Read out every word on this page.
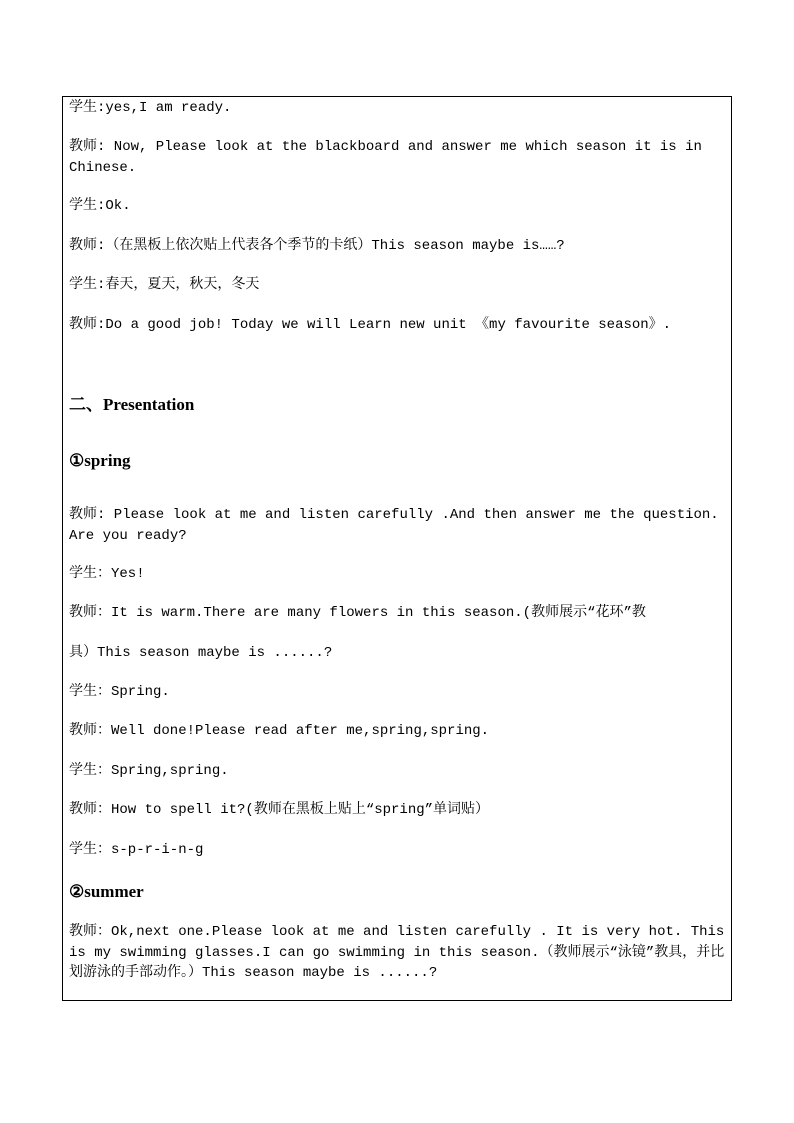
学生:yes,I am ready.

教师: Now, Please look at the blackboard and answer me which season it is in Chinese.

学生:Ok.

教师:（在黑板上依次贴上代表各个季节的卡纸）This season maybe is……?

学生:春天，夏天，秋天，冬天

教师:Do a good job! Today we will Learn new unit 《my favourite season》.

二、Presentation
①spring

教师: Please look at me and listen carefully .And then answer me the question. Are you ready?

学生：Yes!

教师：It is warm.There are many flowers in this season.(教师展示“花环”教

具）This season maybe is ......?

学生：Spring.

教师：Well done!Please read after me,spring,spring.

学生：Spring,spring.

教师：How to spell it?(教师在黑板上贴上“spring”单词贴）

学生：s-p-r-i-n-g

②summer

教师：Ok,next one.Please look at me and listen carefully . It is very hot. This is my swimming glasses.I can go swimming in this season.（教师展示“泳镜”教具，并比划游泳的手部动作。）This season maybe is ......?
